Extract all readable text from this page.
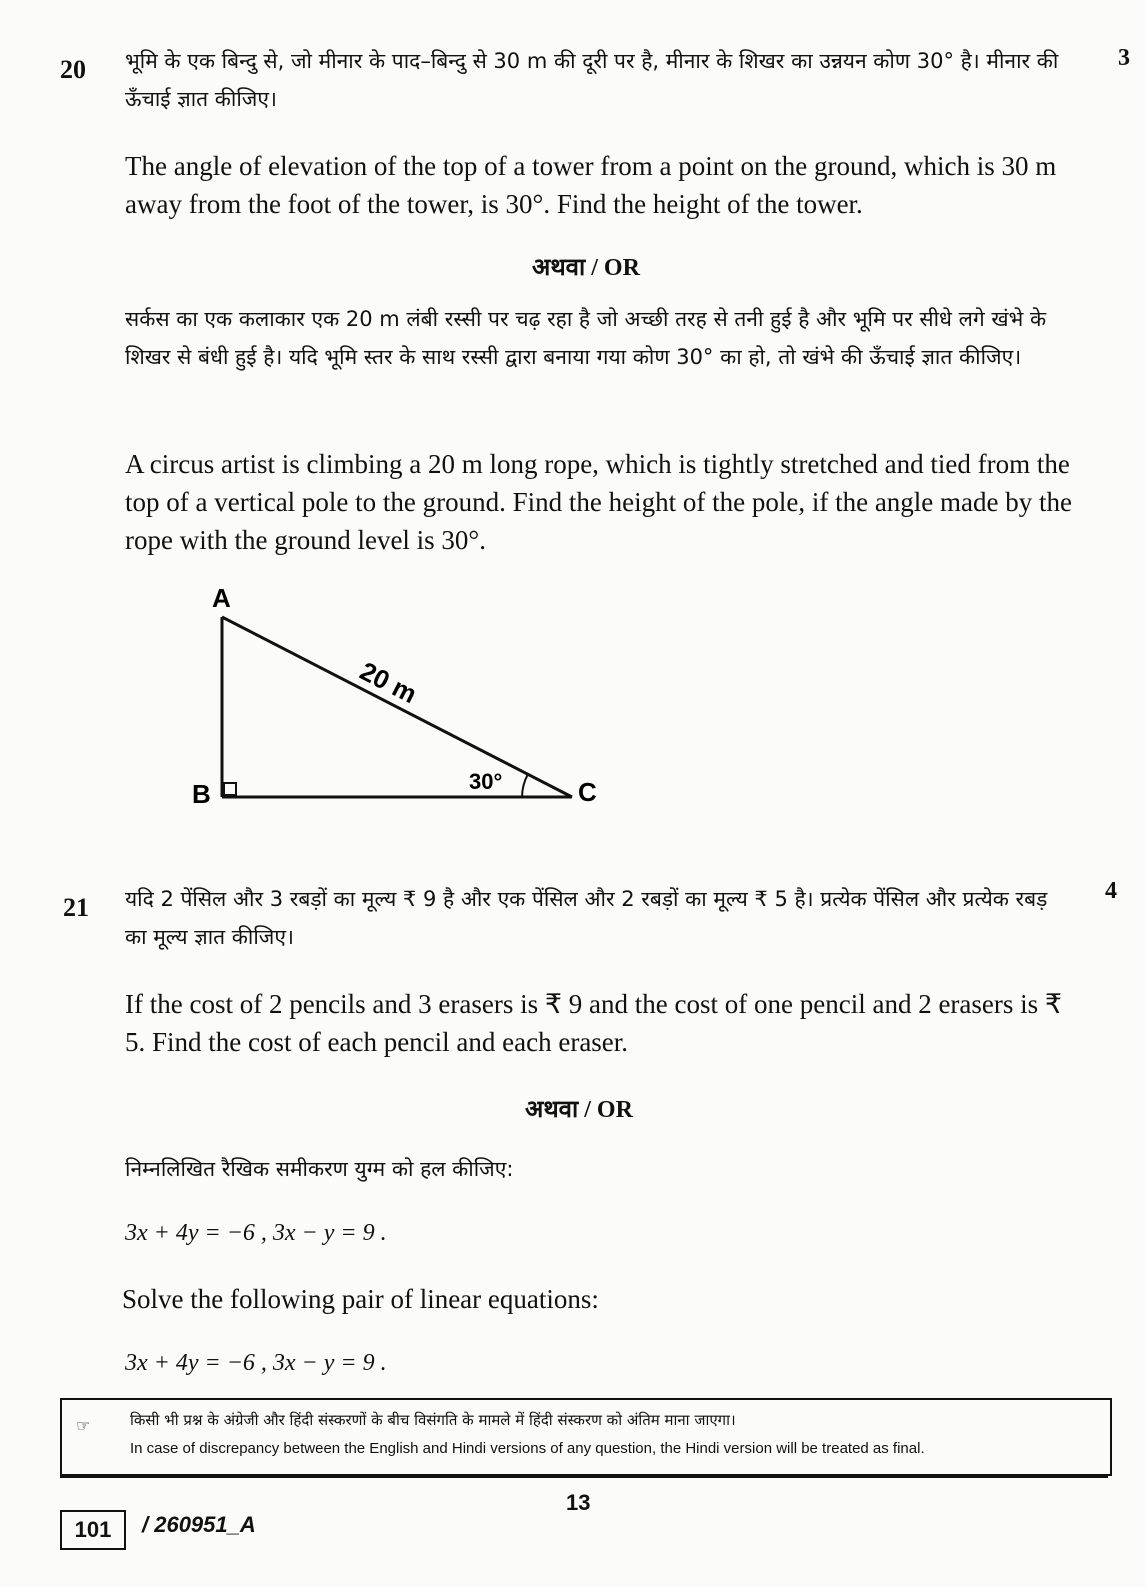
20	3
भूमि के एक बिन्दु से, जो मीनार के पाद–बिन्दु से 30 m की दूरी पर है, मीनार के शिखर का उन्नयन कोण 30° है। मीनार की ऊँचाई ज्ञात कीजिए।
The angle of elevation of the top of a tower from a point on the ground, which is 30 m away from the foot of the tower, is 30°. Find the height of the tower.
अथवा / OR
सर्कस का एक कलाकार एक 20 m लंबी रस्सी पर चढ़ रहा है जो अच्छी तरह से तनी हुई है और भूमि पर सीधे लगे खंभे के शिखर से बंधी हुई है। यदि भूमि स्तर के साथ रस्सी द्वारा बनाया गया कोण 30° का हो, तो खंभे की ऊँचाई ज्ञात कीजिए।
A circus artist is climbing a 20 m long rope, which is tightly stretched and tied from the top of a vertical pole to the ground. Find the height of the pole, if the angle made by the rope with the ground level is 30°.
A
B	C
20 m
30°
21
4
यदि 2 पेंसिल और 3 रबड़ों का मूल्य ₹ 9 है और एक पेंसिल और 2 रबड़ों का मूल्य ₹ 5 है। प्रत्येक पेंसिल और प्रत्येक रबड़ का मूल्य ज्ञात कीजिए।
If the cost of 2 pencils and 3 erasers is ₹ 9 and the cost of one pencil and 2 erasers is ₹ 5. Find the cost of each pencil and each eraser.
अथवा / OR
निम्नलिखित रैखिक समीकरण युग्म को हल कीजिए:
3x + 4y = −6 , 3x − y = 9 .
Solve the following pair of linear equations:
3x + 4y = −6 , 3x − y = 9 .
☞	किसी भी प्रश्न के अंग्रेजी और हिंदी संस्करणों के बीच विसंगति के मामले में हिंदी संस्करण को अंतिम माना जाएगा।
In case of discrepancy between the English and Hindi versions of any question, the Hindi version will be treated as final.
13
101	/ 260951_A
